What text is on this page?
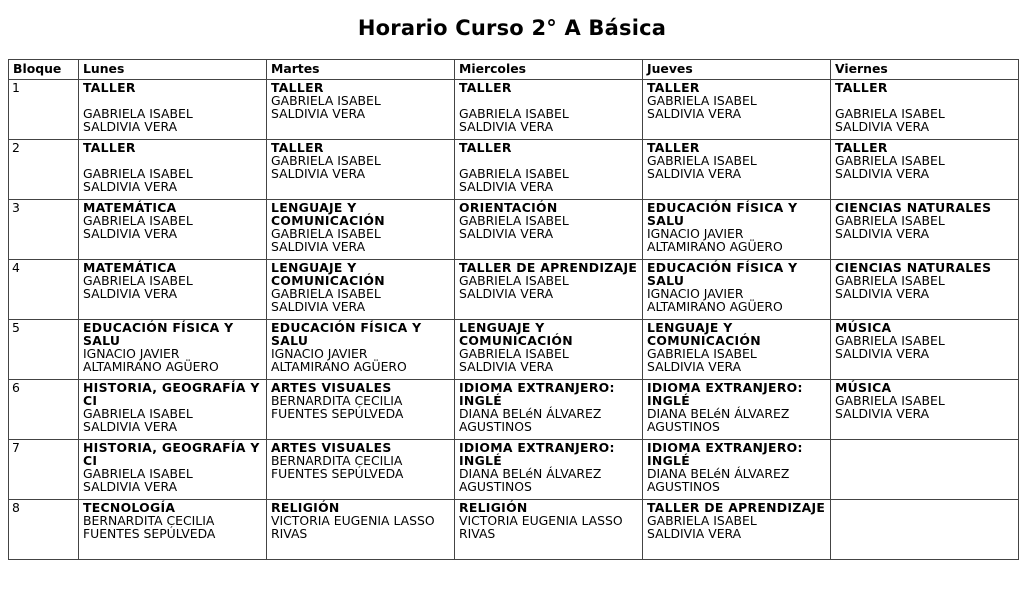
Horario Curso 2° A Básica
Bloque	Lunes	Martes	Miercoles	Jueves	Viernes
1	TALLER
GABRIELA ISABEL
SALDIVIA VERA	TALLER
GABRIELA ISABEL
SALDIVIA VERA	TALLER
GABRIELA ISABEL
SALDIVIA VERA	TALLER
GABRIELA ISABEL
SALDIVIA VERA	TALLER
GABRIELA ISABEL
SALDIVIA VERA

2	TALLER
GABRIELA ISABEL
SALDIVIA VERA	TALLER
GABRIELA ISABEL
SALDIVIA VERA	TALLER
GABRIELA ISABEL
SALDIVIA VERA	TALLER
GABRIELA ISABEL
SALDIVIA VERA	TALLER
GABRIELA ISABEL
SALDIVIA VERA

3	MATEMÁTICA
GABRIELA ISABEL
SALDIVIA VERA	LENGUAJE Y COMUNICACIÓN
GABRIELA ISABEL
SALDIVIA VERA	ORIENTACIÓN
GABRIELA ISABEL
SALDIVIA VERA	EDUCACIÓN FÍSICA Y SALU
IGNACIO JAVIER
ALTAMIRANO AGÜERO	CIENCIAS NATURALES
GABRIELA ISABEL
SALDIVIA VERA

4	MATEMÁTICA
GABRIELA ISABEL
SALDIVIA VERA	LENGUAJE Y COMUNICACIÓN
GABRIELA ISABEL
SALDIVIA VERA	TALLER DE APRENDIZAJE
GABRIELA ISABEL
SALDIVIA VERA	EDUCACIÓN FÍSICA Y SALU
IGNACIO JAVIER
ALTAMIRANO AGÜERO	CIENCIAS NATURALES
GABRIELA ISABEL
SALDIVIA VERA

5	EDUCACIÓN FÍSICA Y SALU
IGNACIO JAVIER
ALTAMIRANO AGÜERO	EDUCACIÓN FÍSICA Y SALU
IGNACIO JAVIER
ALTAMIRANO AGÜERO	LENGUAJE Y COMUNICACIÓN
GABRIELA ISABEL
SALDIVIA VERA	LENGUAJE Y COMUNICACIÓN
GABRIELA ISABEL
SALDIVIA VERA	MÚSICA
GABRIELA ISABEL
SALDIVIA VERA

6	HISTORIA, GEOGRAFÍA Y CI
GABRIELA ISABEL
SALDIVIA VERA	ARTES VISUALES
BERNARDITA CECILIA
FUENTES SEPÚLVEDA	IDIOMA EXTRANJERO: INGLÉ
DIANA BELéN ÁLVAREZ
AGUSTINOS	IDIOMA EXTRANJERO: INGLÉ
DIANA BELéN ÁLVAREZ
AGUSTINOS	MÚSICA
GABRIELA ISABEL
SALDIVIA VERA

7	HISTORIA, GEOGRAFÍA Y CI
GABRIELA ISABEL
SALDIVIA VERA	ARTES VISUALES
BERNARDITA CECILIA
FUENTES SEPÚLVEDA	IDIOMA EXTRANJERO: INGLÉ
DIANA BELéN ÁLVAREZ
AGUSTINOS	IDIOMA EXTRANJERO: INGLÉ
DIANA BELéN ÁLVAREZ
AGUSTINOS	

8	TECNOLOGÍA
BERNARDITA CECILIA
FUENTES SEPÚLVEDA	RELIGIÓN
VICTORIA EUGENIA LASSO
RIVAS	RELIGIÓN
VICTORIA EUGENIA LASSO
RIVAS	TALLER DE APRENDIZAJE
GABRIELA ISABEL
SALDIVIA VERA	
